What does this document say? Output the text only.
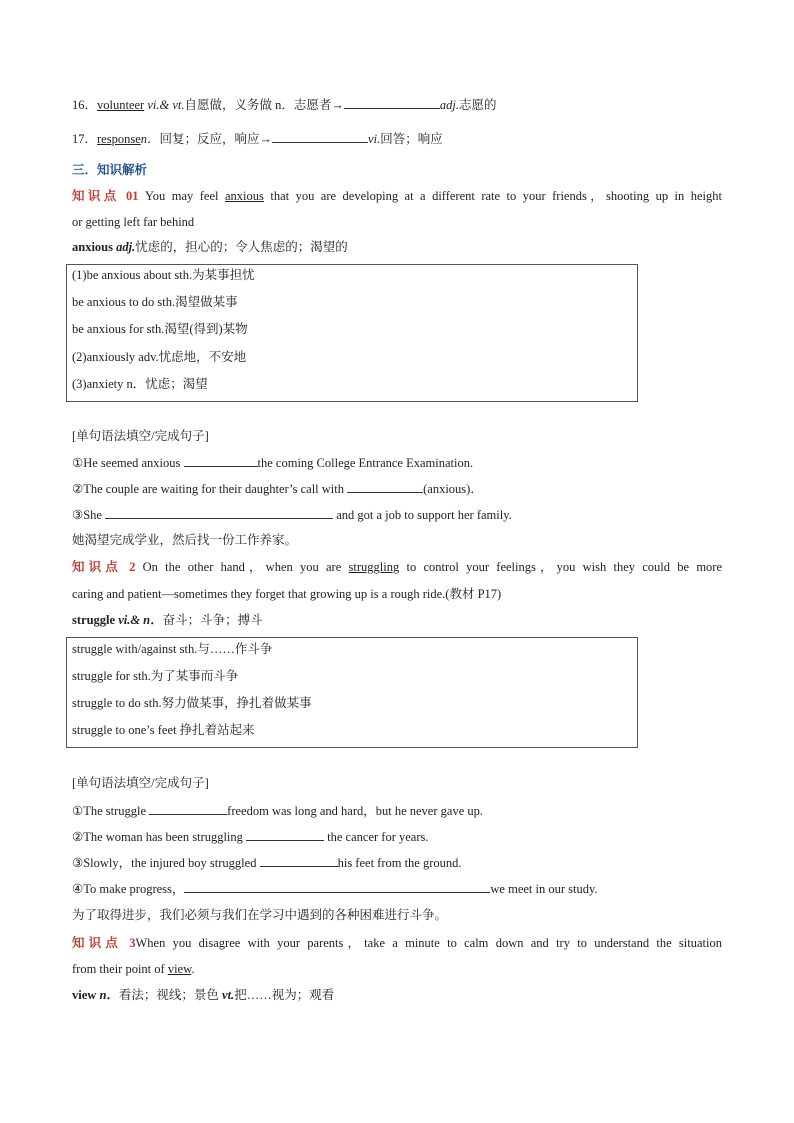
16．volunteer vi.& vt.自愿做，义务做 n．志愿者→	adj.志愿的
17．responsen．回复；反应，响应→	vi.回答；响应
三．知识解析
知识点 01 You may feel anxious that you are developing at a different rate to your friends，shooting up in height
or getting left far behind
anxious adj.忧虑的，担心的；令人焦虑的；渴望的
(1)be anxious about sth.为某事担忧
be anxious to do sth.渴望做某事
be anxious for sth.渴望(得到)某物
(2)anxiously adv.忧虑地，不安地
(3)anxiety n．忧虑；渴望
[单句语法填空/完成句子]
①He seemed anxious	the coming College Entrance Examination.
②The couple are waiting for their daughter’s call with	(anxious)．
③She	and got a job to support her family.
她渴望完成学业，然后找一份工作养家。
知识点 2 On the other hand，when you are struggling to control your feelings，you wish they could be more
caring and patient—sometimes they forget that growing up is a rough ride.(教材 P17)
struggle vi.& n．奋斗；斗争；搏斗
struggle with/against sth.与……作斗争
struggle for sth.为了某事而斗争
struggle to do sth.努力做某事，挣扎着做某事
struggle to one’s feet 挣扎着站起来
[单句语法填空/完成句子]
①The struggle	freedom was long and hard，but he never gave up.
②The woman has been struggling	the cancer for years.
③Slowly，the injured boy struggled	his feet from the ground.
④To make progress，	we meet in our study.
为了取得进步，我们必须与我们在学习中遇到的各种困难进行斗争。
知识点 3When you disagree with your parents，take a minute to calm down and try to understand the situation
from their point of view.
view n．看法；视线；景色 vt.把……视为；观看
